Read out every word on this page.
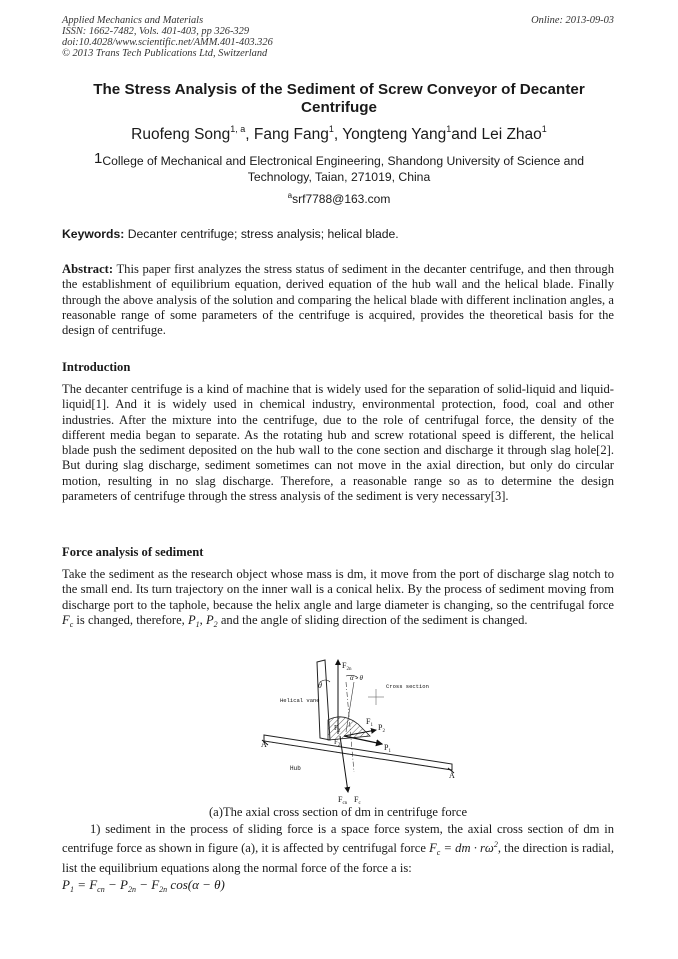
Applied Mechanics and Materials
ISSN: 1662-7482, Vols. 401-403, pp 326-329
doi:10.4028/www.scientific.net/AMM.401-403.326
© 2013 Trans Tech Publications Ltd, Switzerland
Online: 2013-09-03
The Stress Analysis of the Sediment of Screw Conveyor of Decanter
Centrifuge
Ruofeng Song$^{1, a}$, Fang Fang$^1$, Yongteng Yang$^1$and Lei Zhao$^1$
1College of Mechanical and Electronical Engineering, Shandong University of Science and Technology, Taian, 271019, China
$^a$srf7788@163.com
Keywords: Decanter centrifuge; stress analysis; helical blade.
Abstract: This paper first analyzes the stress status of sediment in the decanter centrifuge, and then through the establishment of equilibrium equation, derived equation of the hub wall and the helical blade. Finally through the above analysis of the solution and comparing the helical blade with different inclination angles, a reasonable range of some parameters of the centrifuge is acquired, provides the theoretical basis for the design of centrifuge.
Introduction
The decanter centrifuge is a kind of machine that is widely used for the separation of solid-liquid and liquid-liquid[1]. And it is widely used in chemical industry, environmental protection, food, coal and other industries. After the mixture into the centrifuge, due to the role of centrifugal force, the density of the different media began to separate. As the rotating hub and screw rotational speed is different, the helical blade push the sediment deposited on the hub wall to the cone section and discharge it through slag hole[2]. But during slag discharge, sediment sometimes can not move in the axial direction, but only do circular motion, resulting in no slag discharge. Therefore, a reasonable range so as to determine the design parameters of centrifuge through the stress analysis of the sediment is very necessary[3].
Force analysis of sediment
Take the sediment as the research object whose mass is dm, it move from the port of discharge slag notch to the small end. Its turn trajectory on the inner wall is a conical helix. By the process of sediment moving from discharge port to the taphole, because the helix angle and large diameter is changing, so the centrifugal force $F_c$ is changed, therefore, $P_1$, $P_2$ and the angle of sliding direction of the sediment is changed.
$F_{2n}$
θ
α - θ
Cross section
Helical vane
$P_2$
$F_1$
$F_2$
$P_1$
$F_{2t}$
A
A
Hub
$F_{cn}$ $F_c$
(a)The axial cross section of dm in centrifuge force
1) sediment in the process of sliding force is a space force system, the axial cross section of dm in centrifuge force as shown in figure (a), it is affected by centrifugal force $F_c$ = dm · $r\omega^2$, the direction is radial, list the equilibrium equations along the normal force of the force a is:
$P_1 = F_{cn} - P_{2n} - F_{2n}$ cos(α − θ)
